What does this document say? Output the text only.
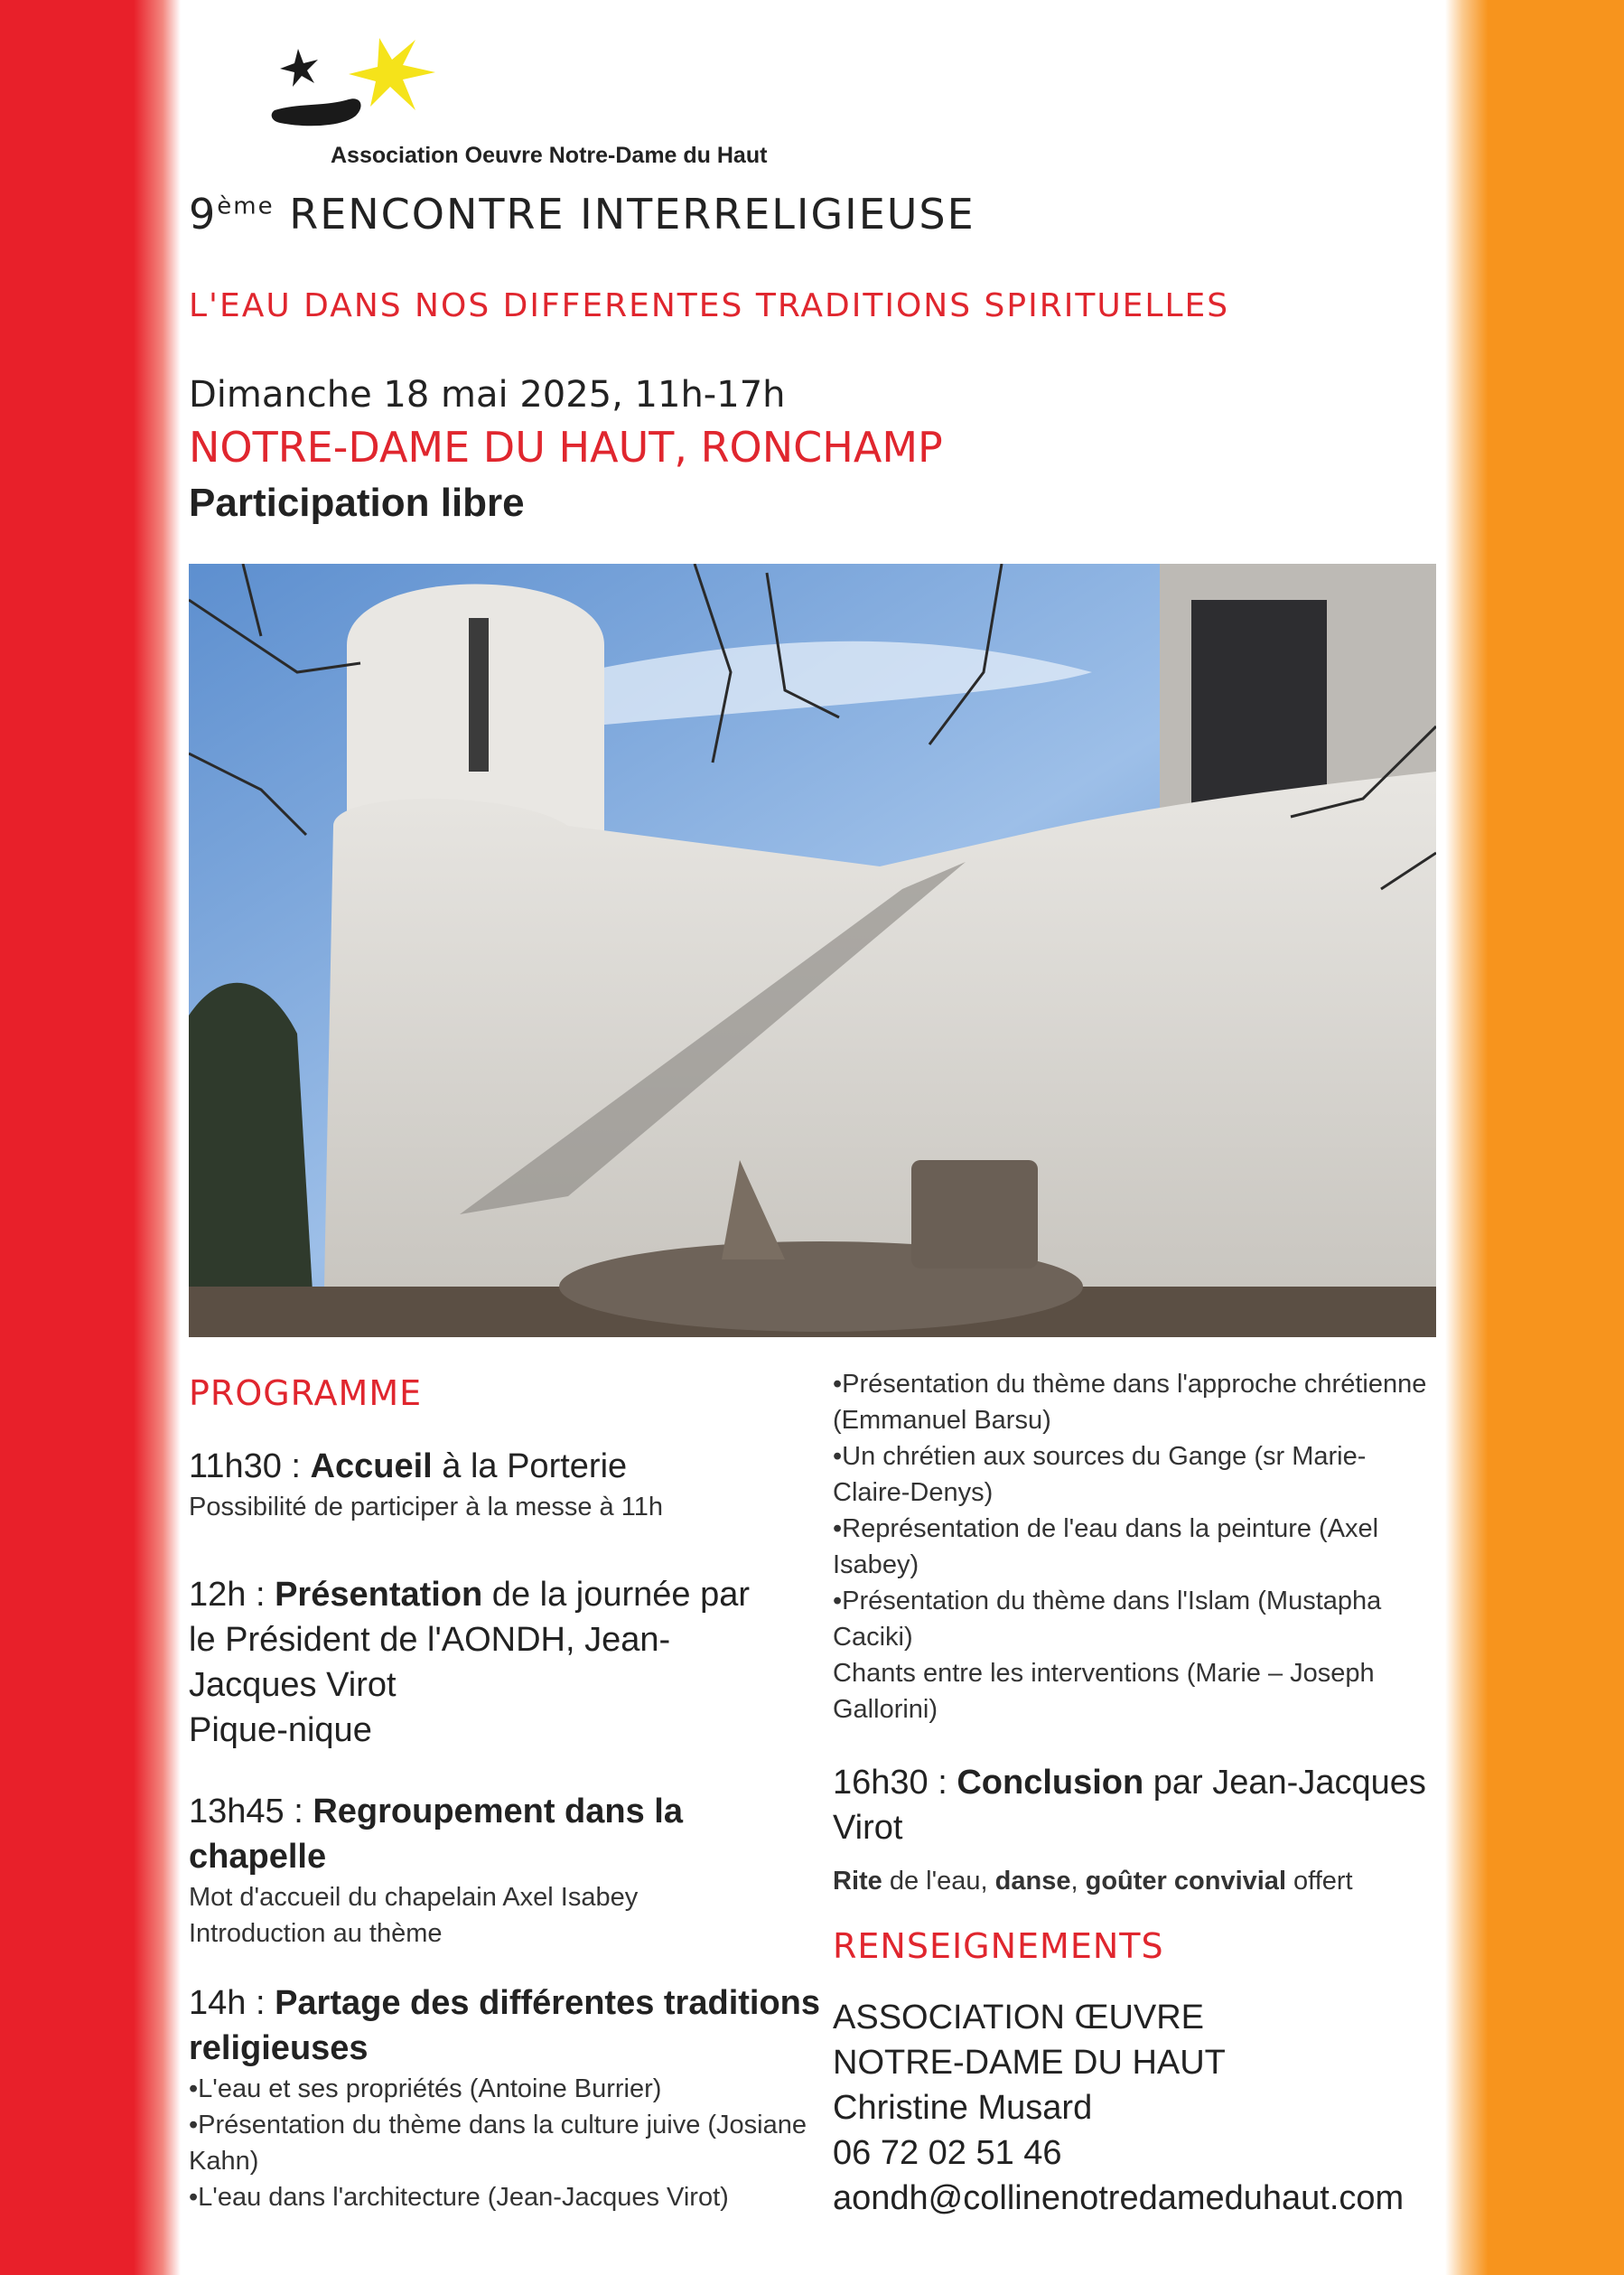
Association Oeuvre Notre-Dame du Haut
9ème RENCONTRE INTERRELIGIEUSE
L'EAU DANS NOS DIFFERENTES TRADITIONS SPIRITUELLES
Dimanche 18 mai 2025, 11h-17h
NOTRE-DAME DU HAUT, RONCHAMP
Participation libre
PROGRAMME
11h30 : Accueil à la Porterie
Possibilité de participer à la messe à 11h
12h : Présentation de la journée par le Président de l'AONDH, Jean-Jacques Virot
Pique-nique
13h45 : Regroupement dans la chapelle
Mot d'accueil du chapelain Axel Isabey
Introduction au thème
14h : Partage des différentes traditions religieuses
•L'eau et ses propriétés (Antoine Burrier)
•Présentation du thème dans la culture juive (Josiane Kahn)
•L'eau dans l'architecture (Jean-Jacques Virot)
•Présentation du thème dans l'approche chrétienne (Emmanuel Barsu)
•Un chrétien aux sources du Gange (sr Marie-Claire-Denys)
•Représentation de l'eau dans la peinture (Axel Isabey)
•Présentation du thème dans l'Islam (Mustapha Caciki)
Chants entre les interventions (Marie – Joseph Gallorini)
16h30 : Conclusion par Jean-Jacques Virot
Rite de l'eau, danse, goûter convivial offert
RENSEIGNEMENTS
ASSOCIATION ŒUVRE
NOTRE-DAME DU HAUT
Christine Musard
06 72 02 51 46
aondh@collinenotredameduhaut.com
